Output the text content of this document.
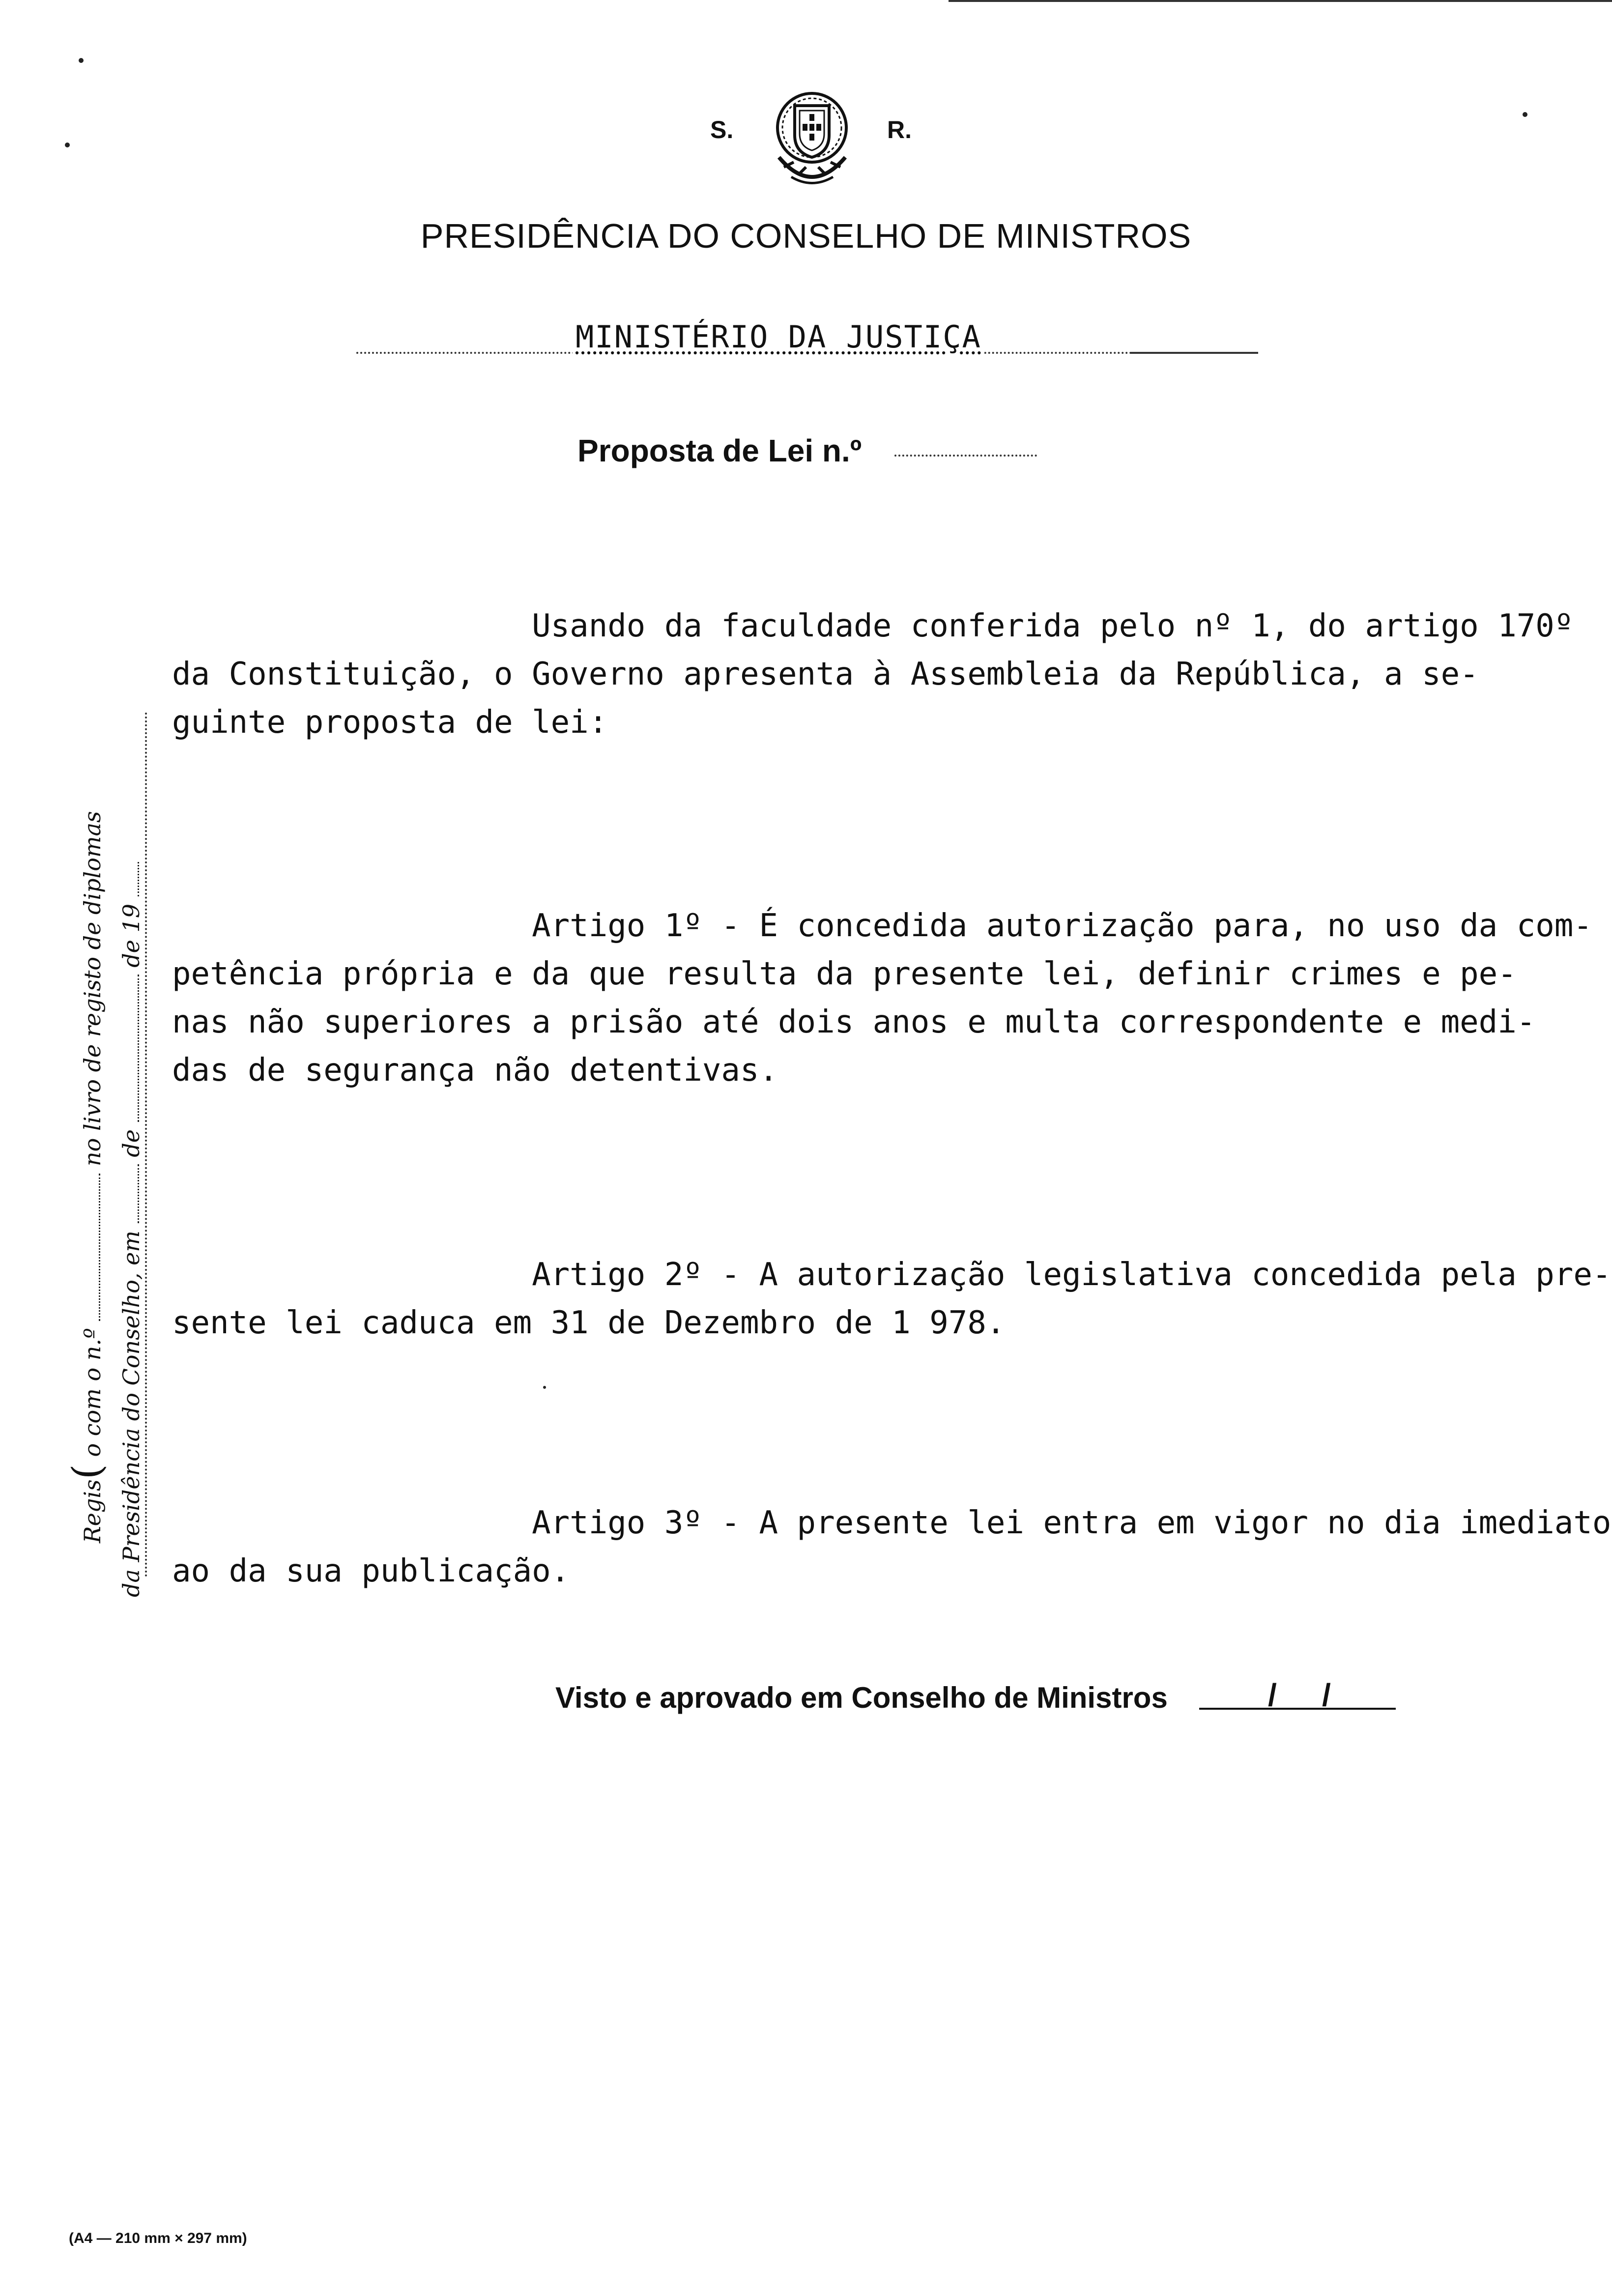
S.	R.
PRESIDÊNCIA DO CONSELHO DE MINISTROS
MINISTÉRIO DA JUSTIÇA
Proposta de Lei n.º
Usando da faculdade conferida pelo nº 1, do artigo 170º
da Constituição, o Governo apresenta à Assembleia da República, a se-
guinte proposta de lei:
Artigo 1º - É concedida autorização para, no uso da com-
petência própria e da que resulta da presente lei, definir crimes e pe-
nas não superiores a prisão até dois anos e multa correspondente e medi-
das de segurança não detentivas.
Artigo 2º - A autorização legislativa concedida pela pre-
sente lei caduca em 31 de Dezembro de 1 978.
Artigo 3º - A presente lei entra em vigor no dia imediato
ao da sua publicação.
Visto e aprovado em Conselho de Ministros	/ /
Regis( o com o n.º  no livro de registo de diplomas
da Presidência do Conselho, em  de  de 19
(A4 — 210 mm × 297 mm)
